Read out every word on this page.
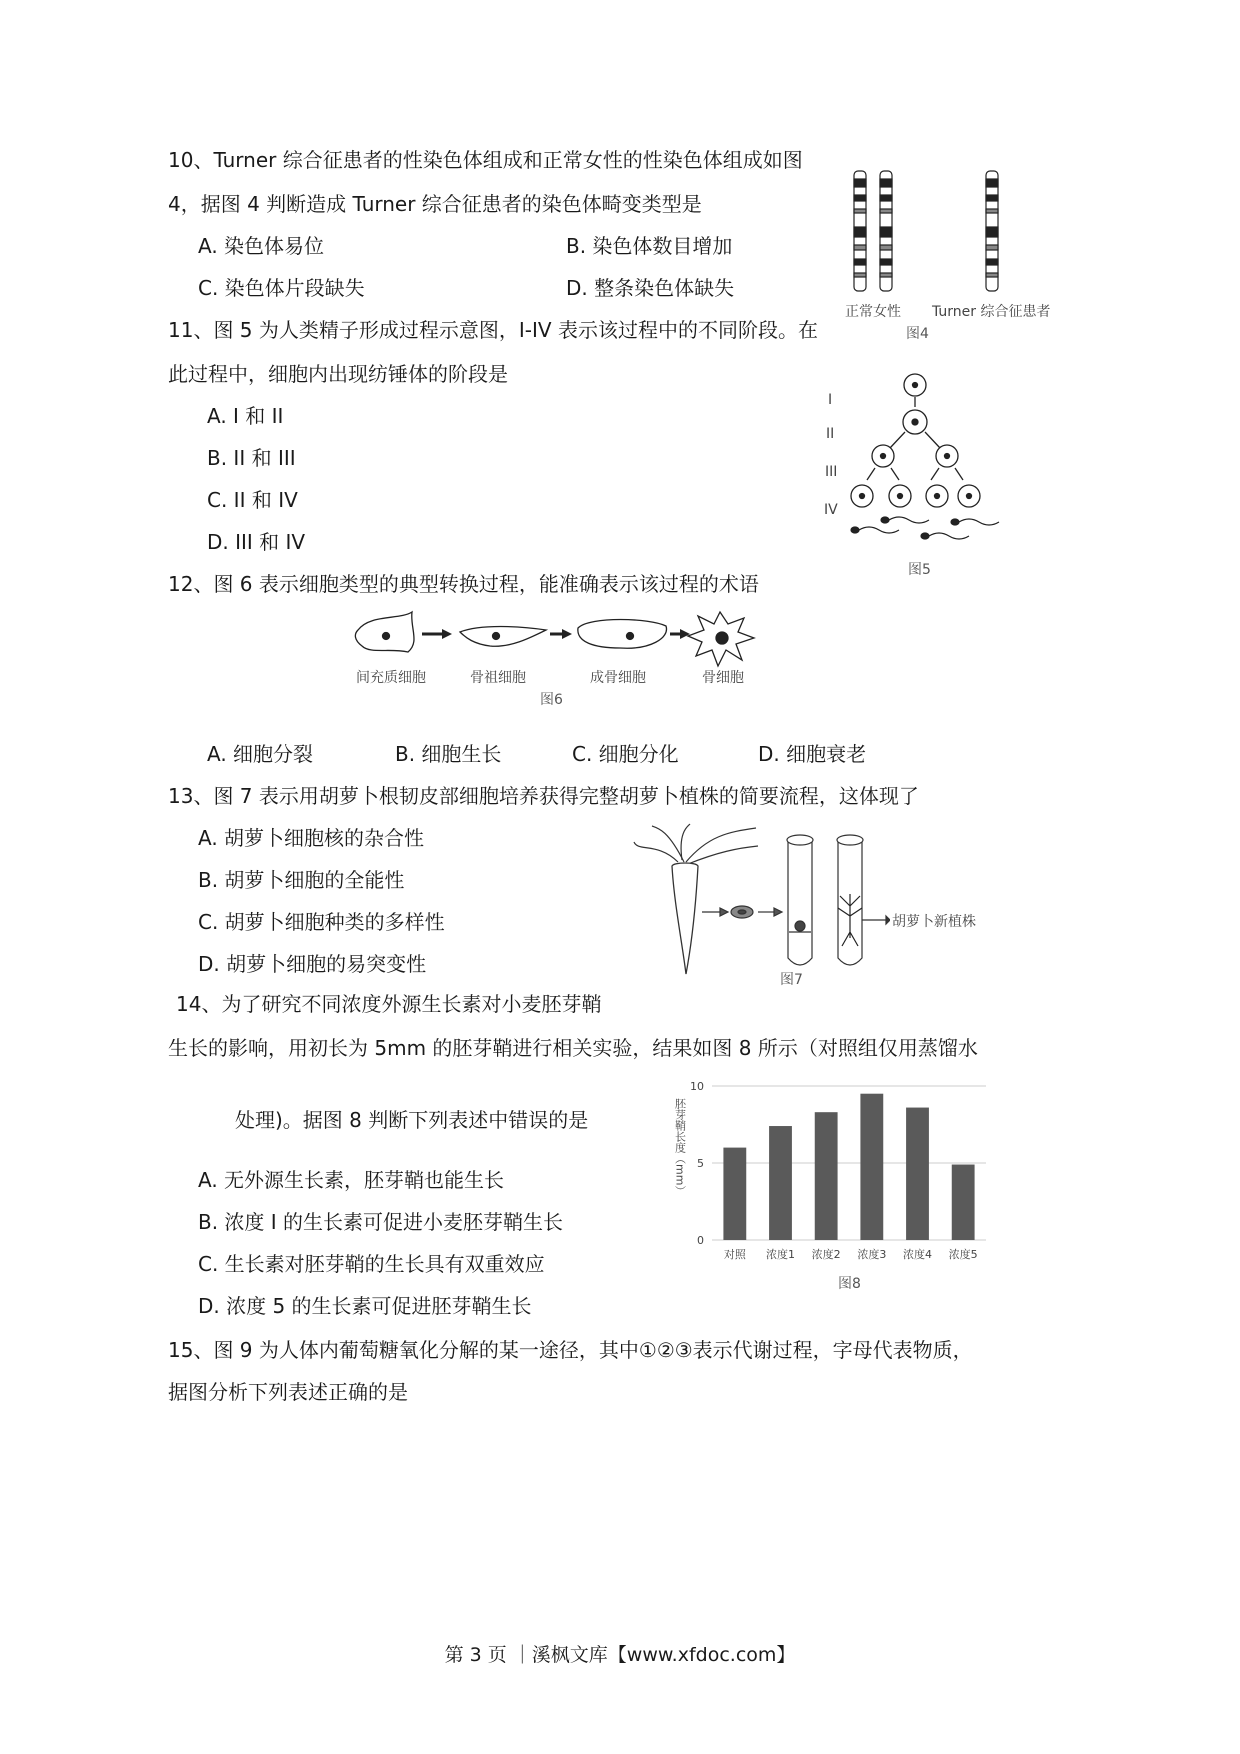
10、Turner 综合征患者的性染色体组成和正常女性的性染色体组成如图
4，据图 4 判断造成 Turner 综合征患者的染色体畸变类型是
A. 染色体易位	B. 染色体数目增加
C. 染色体片段缺失	D. 整条染色体缺失
正常女性 Turner 综合征患者
图4
11、图 5 为人类精子形成过程示意图，I-IV 表示该过程中的不同阶段。在
此过程中，细胞内出现纺锤体的阶段是
A. I 和 II
B. II 和 III
C. II 和 IV
D. III 和 IV
I
II
III
IV
图5
12、图 6 表示细胞类型的典型转换过程，能准确表示该过程的术语
间充质细胞	骨祖细胞	成骨细胞	骨细胞
图6
A. 细胞分裂	B. 细胞生长	C. 细胞分化	D. 细胞衰老
13、图 7 表示用胡萝卜根韧皮部细胞培养获得完整胡萝卜植株的简要流程，这体现了
A. 胡萝卜细胞核的杂合性
B. 胡萝卜细胞的全能性
C. 胡萝卜细胞种类的多样性
D. 胡萝卜细胞的易突变性
胡萝卜新植株
图7
14、为了研究不同浓度外源生长素对小麦胚芽鞘
生长的影响，用初长为 5mm 的胚芽鞘进行相关实验，结果如图 8 所示（对照组仅用蒸馏水
处理)。据图 8 判断下列表述中错误的是
A. 无外源生长素，胚芽鞘也能生长
B. 浓度 I 的生长素可促进小麦胚芽鞘生长
C. 生长素对胚芽鞘的生长具有双重效应
D. 浓度 5 的生长素可促进胚芽鞘生长
0
5
10
胚芽鞘长度（mm）
对照 浓度1 浓度2 浓度3 浓度4 浓度5
图8
15、图 9 为人体内葡萄糖氧化分解的某一途径，其中①②③表示代谢过程，字母代表物质，
据图分析下列表述正确的是
第 3 页 ｜溪枫文库【www.xfdoc.com】
